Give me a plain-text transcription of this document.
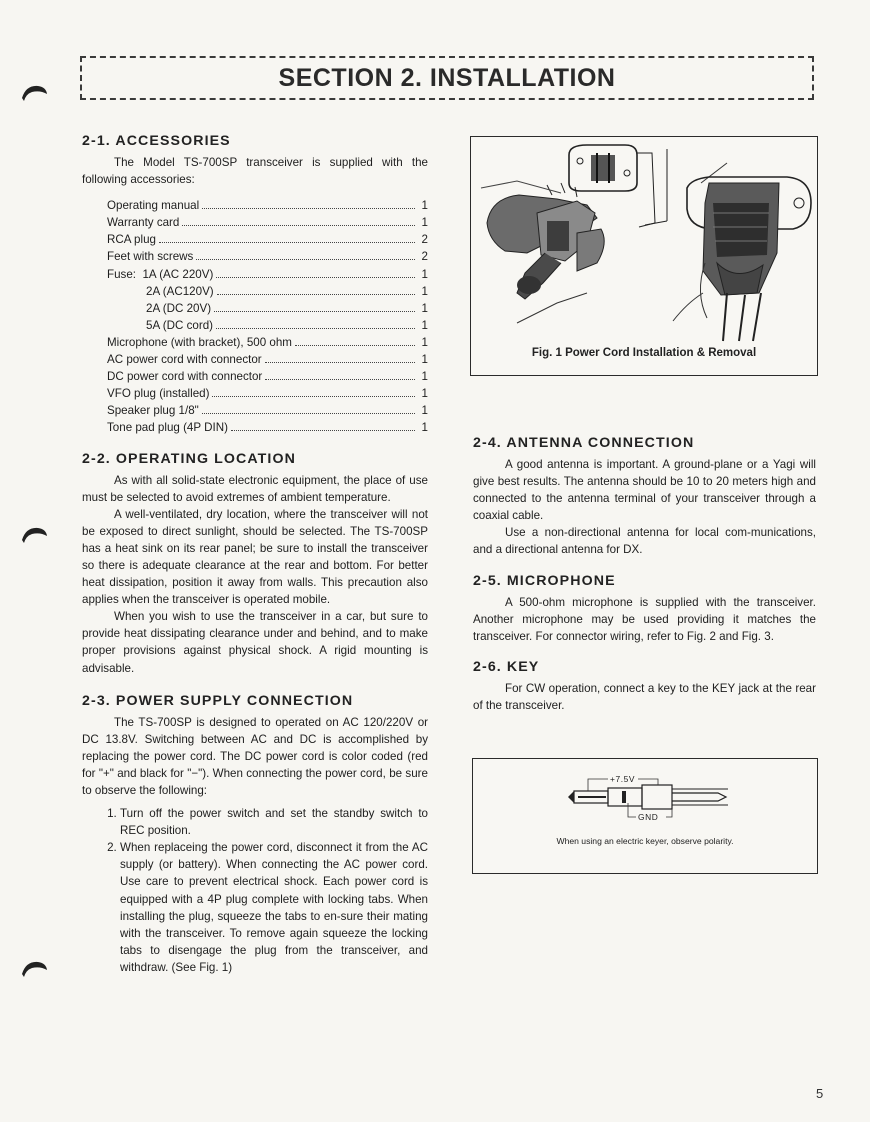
SECTION 2. INSTALLATION
2-1. ACCESSORIES

The Model TS-700SP transceiver is supplied with the following accessories:

Operating manual	1
Warranty card	1
RCA plug	2
Feet with screws	2
Fuse:  1A (AC 220V)	1
2A (AC120V)	1
2A (DC 20V)	1
5A (DC cord)	1
Microphone (with bracket), 500 ohm	1
AC power cord with connector	1
DC power cord with connector	1
VFO plug (installed)	1
Speaker plug 1/8"	1
Tone pad plug (4P DIN)	1
2-2. OPERATING LOCATION

As with all solid-state electronic equipment, the place of use must be selected to avoid extremes of ambient temperature.

A well-ventilated, dry location, where the transceiver will not be exposed to direct sunlight, should be selected. The TS-700SP has a heat sink on its rear panel; be sure to install the transceiver so there is adequate clearance at the rear and bottom. For better heat dissipation, position it away from walls. This precaution also applies when the transceiver is operated mobile.

When you wish to use the transceiver in a car, but sure to provide heat dissipating clearance under and behind, and to make proper provisions against physical shock. A rigid mounting is advisable.

2-3. POWER SUPPLY CONNECTION

The TS-700SP is designed to operated on AC 120/220V or DC 13.8V. Switching between AC and DC is accomplished by replacing the power cord. The DC power cord is color coded (red for "+" and black for "−"). When connecting the power cord, be sure to observe the following:

1. Turn off the power switch and set the standby switch to REC position.
2. When replaceing the power cord, disconnect it from the AC supply (or battery). When connecting the AC power cord. Use care to prevent electrical shock. Each power cord is equipped with a 4P plug complete with locking tabs. When installing the plug, squeeze the tabs to en-sure their mating with the transceiver. To remove again squeeze the locking tabs to disengage the plug from the transceiver, and withdraw. (See Fig. 1)
Fig. 1 Power Cord Installation & Removal
2-4. ANTENNA CONNECTION

A good antenna is important. A ground-plane or a Yagi will give best results. The antenna should be 10 to 20 meters high and connected to the antenna terminal of your transceiver through a coaxial cable.

Use a non-directional antenna for local com-munications, and a directional antenna for DX.

2-5. MICROPHONE

A 500-ohm microphone is supplied with the transceiver. Another microphone may be used providing it matches the transceiver. For connector wiring, refer to Fig. 2 and Fig. 3.

2-6. KEY

For CW operation, connect a key to the KEY jack at the rear of the transceiver.

+7.5V
GND
When using an electric keyer, observe polarity.
5
